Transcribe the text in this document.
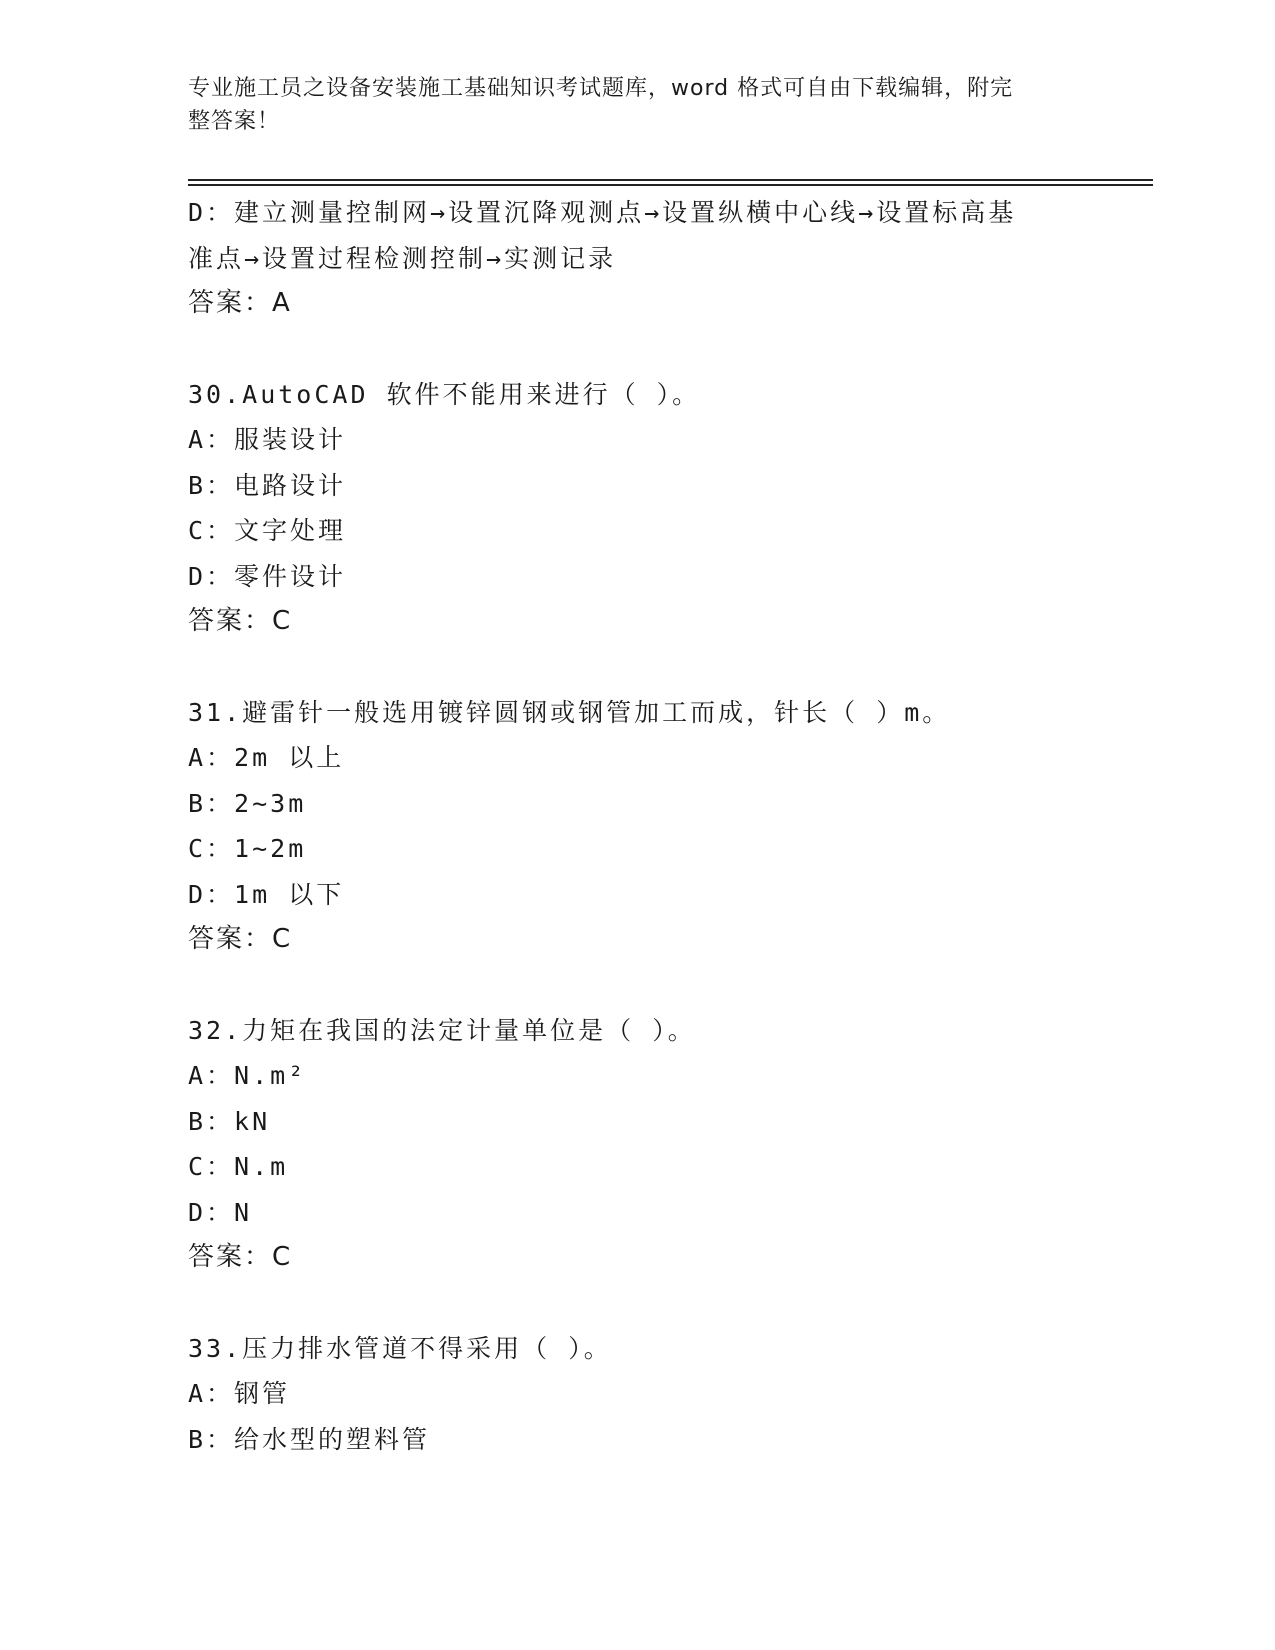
专业施工员之设备安装施工基础知识考试题库，word 格式可自由下载编辑，附完
整答案！
D：建立测量控制网→设置沉降观测点→设置纵横中心线→设置标高基
准点→设置过程检测控制→实测记录
答案：A
30.AutoCAD 软件不能用来进行（ ）。
A：服装设计
B：电路设计
C：文字处理
D：零件设计
答案：C
31.避雷针一般选用镀锌圆钢或钢管加工而成，针长（ ）m。
A：2m 以上
B：2~3m
C：1~2m
D：1m 以下
答案：C
32.力矩在我国的法定计量单位是（ ）。
A：N.m²
B：kN
C：N.m
D：N
答案：C
33.压力排水管道不得采用（ ）。
A：钢管
B：给水型的塑料管
